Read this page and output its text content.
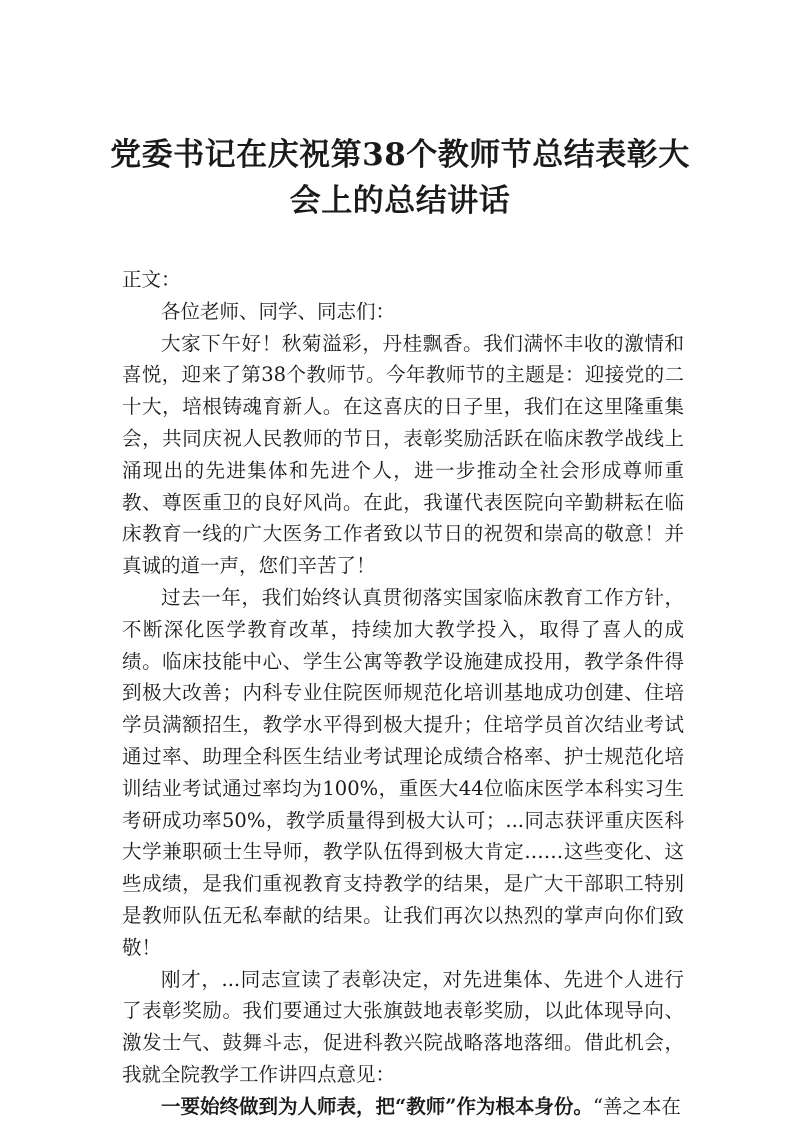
党委书记在庆祝第38个教师节总结表彰大会上的总结讲话

正文：

各位老师、同学、同志们：

大家下午好！秋菊溢彩，丹桂飘香。我们满怀丰收的激情和喜悦，迎来了第38个教师节。今年教师节的主题是：迎接党的二十大，培根铸魂育新人。在这喜庆的日子里，我们在这里隆重集会，共同庆祝人民教师的节日，表彰奖励活跃在临床教学战线上涌现出的先进集体和先进个人，进一步推动全社会形成尊师重教、尊医重卫的良好风尚。在此，我谨代表医院向辛勤耕耘在临床教育一线的广大医务工作者致以节日的祝贺和崇高的敬意！并真诚的道一声，您们辛苦了！

过去一年，我们始终认真贯彻落实国家临床教育工作方针，不断深化医学教育改革，持续加大教学投入，取得了喜人的成绩。临床技能中心、学生公寓等教学设施建成投用，教学条件得到极大改善；内科专业住院医师规范化培训基地成功创建、住培学员满额招生，教学水平得到极大提升；住培学员首次结业考试通过率、助理全科医生结业考试理论成绩合格率、护士规范化培训结业考试通过率均为100%，重医大44位临床医学本科实习生考研成功率50%，教学质量得到极大认可；...同志获评重庆医科大学兼职硕士生导师，教学队伍得到极大肯定……这些变化、这些成绩，是我们重视教育支持教学的结果，是广大干部职工特别是教师队伍无私奉献的结果。让我们再次以热烈的掌声向你们致敬！

刚才，...同志宣读了表彰决定，对先进集体、先进个人进行了表彰奖励。我们要通过大张旗鼓地表彰奖励，以此体现导向、激发士气、鼓舞斗志，促进科教兴院战略落地落细。借此机会，我就全院教学工作讲四点意见：

一要始终做到为人师表，把“教师”作为根本身份。“善之本在
